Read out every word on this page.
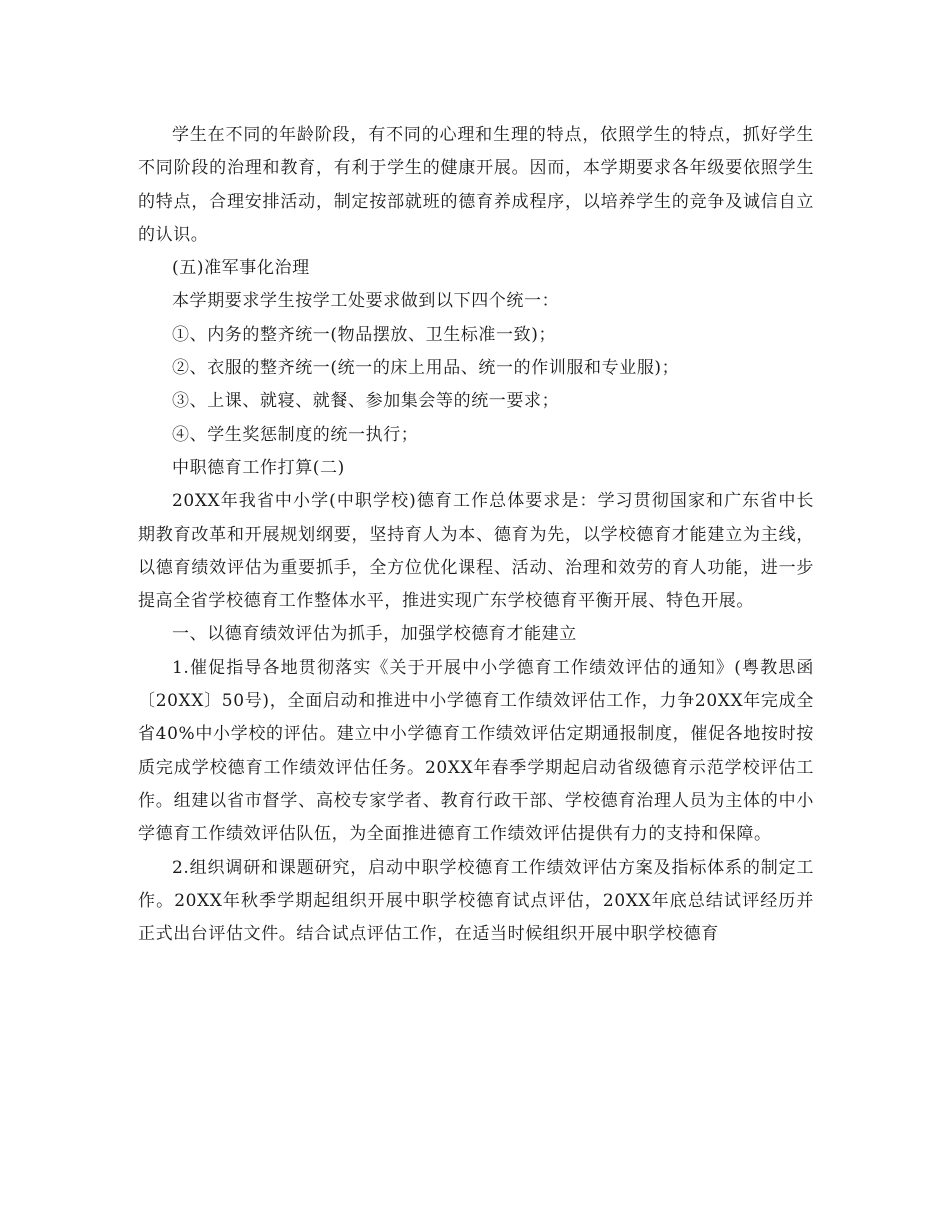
学生在不同的年龄阶段，有不同的心理和生理的特点，依照学生的特点，抓好学生不同阶段的治理和教育，有利于学生的健康开展。因而，本学期要求各年级要依照学生的特点，合理安排活动，制定按部就班的德育养成程序，以培养学生的竞争及诚信自立的认识。

(五)准军事化治理

本学期要求学生按学工处要求做到以下四个统一：

①、内务的整齐统一(物品摆放、卫生标准一致)；

②、衣服的整齐统一(统一的床上用品、统一的作训服和专业服)；

③、上课、就寝、就餐、参加集会等的统一要求；

④、学生奖惩制度的统一执行；

中职德育工作打算(二)

20XX年我省中小学(中职学校)德育工作总体要求是：学习贯彻国家和广东省中长期教育改革和开展规划纲要，坚持育人为本、德育为先，以学校德育才能建立为主线，以德育绩效评估为重要抓手，全方位优化课程、活动、治理和效劳的育人功能，进一步提高全省学校德育工作整体水平，推进实现广东学校德育平衡开展、特色开展。

一、以德育绩效评估为抓手，加强学校德育才能建立

1.催促指导各地贯彻落实《关于开展中小学德育工作绩效评估的通知》(粤教思函〔20XX〕50号)，全面启动和推进中小学德育工作绩效评估工作，力争20XX年完成全省40%中小学校的评估。建立中小学德育工作绩效评估定期通报制度，催促各地按时按质完成学校德育工作绩效评估任务。20XX年春季学期起启动省级德育示范学校评估工作。组建以省市督学、高校专家学者、教育行政干部、学校德育治理人员为主体的中小学德育工作绩效评估队伍，为全面推进德育工作绩效评估提供有力的支持和保障。

2.组织调研和课题研究，启动中职学校德育工作绩效评估方案及指标体系的制定工作。20XX年秋季学期起组织开展中职学校德育试点评估，20XX年底总结试评经历并正式出台评估文件。结合试点评估工作，在适当时候组织开展中职学校德育
